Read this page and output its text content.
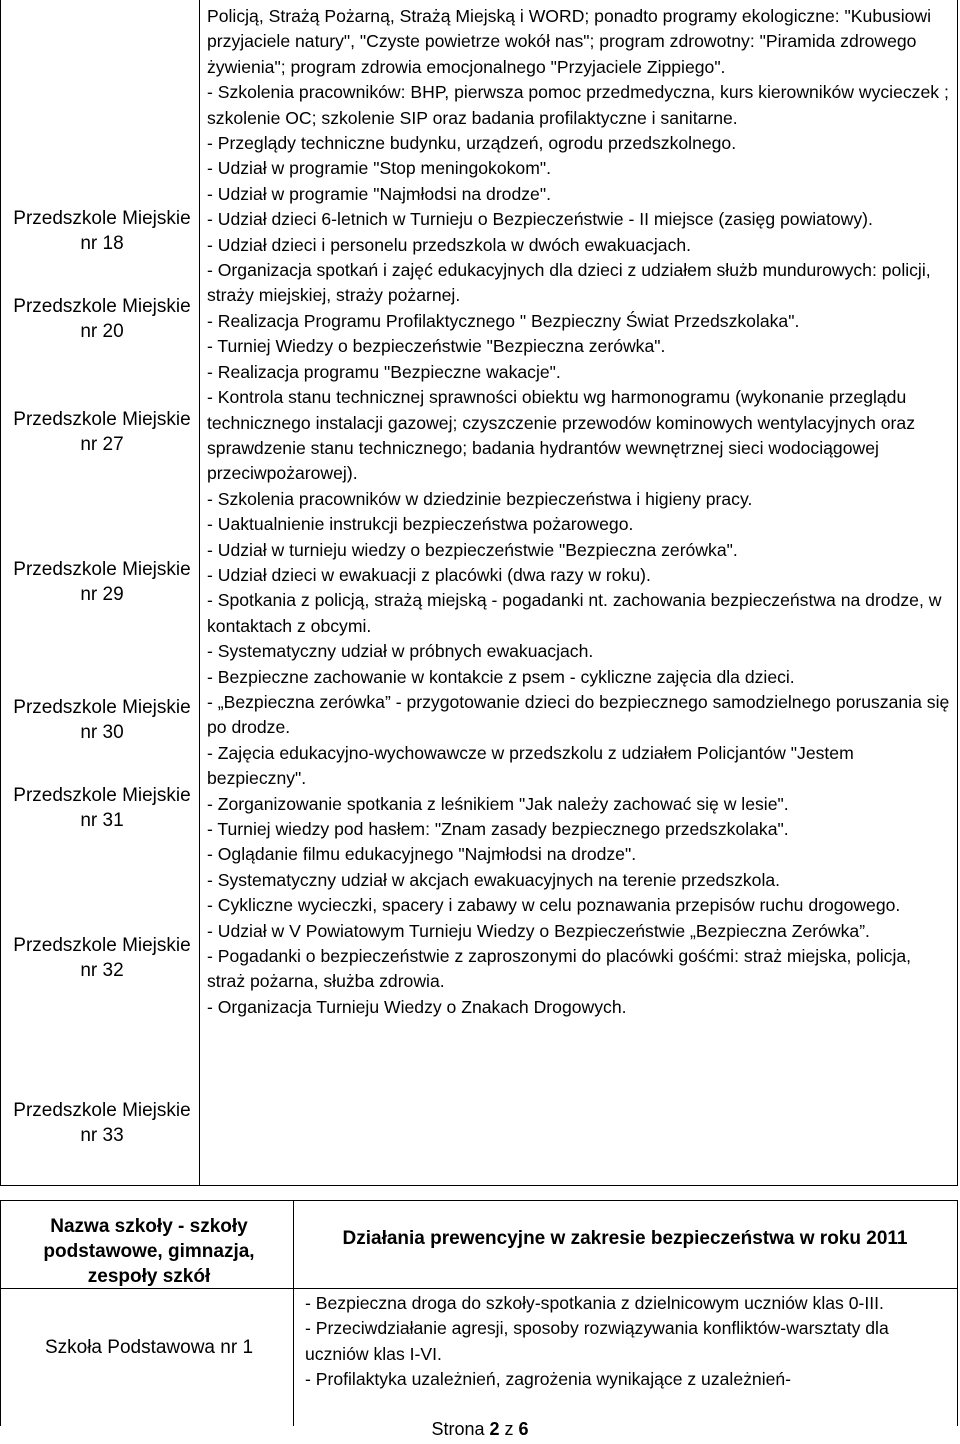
Przedszkole Miejskie nr 18
Przedszkole Miejskie nr 20
Przedszkole Miejskie nr 27
Przedszkole Miejskie nr 29
Przedszkole Miejskie nr 30
Przedszkole Miejskie nr 31
Przedszkole Miejskie nr 32
Przedszkole Miejskie nr 33

Policją, Strażą Pożarną, Strażą Miejską i WORD; ponadto programy ekologiczne: "Kubusiowi przyjaciele natury", "Czyste powietrze wokół nas"; program zdrowotny: "Piramida zdrowego żywienia"; program zdrowia emocjonalnego "Przyjaciele Zippiego".

- Szkolenia pracowników: BHP, pierwsza pomoc przedmedyczna, kurs kierowników wycieczek ; szkolenie OC; szkolenie SIP oraz badania profilaktyczne i sanitarne.

- Przeglądy techniczne budynku, urządzeń, ogrodu przedszkolnego.

- Udział w programie "Stop meningokokom".

- Udział w programie "Najmłodsi na drodze".

- Udział dzieci 6-letnich w Turnieju o Bezpieczeństwie - II miejsce (zasięg powiatowy).

- Udział dzieci i personelu przedszkola w dwóch ewakuacjach.

- Organizacja spotkań i zajęć edukacyjnych dla dzieci z udziałem służb mundurowych: policji, straży miejskiej, straży pożarnej.

- Realizacja Programu Profilaktycznego " Bezpieczny Świat Przedszkolaka".

- Turniej Wiedzy o bezpieczeństwie "Bezpieczna zerówka".

- Realizacja programu "Bezpieczne wakacje".

- Kontrola stanu technicznej sprawności obiektu wg harmonogramu (wykonanie przeglądu technicznego instalacji gazowej; czyszczenie przewodów kominowych wentylacyjnych oraz sprawdzenie stanu technicznego; badania hydrantów wewnętrznej sieci wodociągowej przeciwpożarowej).

- Szkolenia pracowników w dziedzinie bezpieczeństwa i higieny pracy.

- Uaktualnienie instrukcji bezpieczeństwa pożarowego.

- Udział w turnieju wiedzy o bezpieczeństwie "Bezpieczna zerówka".

- Udział dzieci w ewakuacji z placówki (dwa razy w roku).

- Spotkania z policją, strażą miejską - pogadanki nt. zachowania bezpieczeństwa na drodze, w kontaktach z obcymi.

- Systematyczny udział w próbnych ewakuacjach.

- Bezpieczne zachowanie w kontakcie z psem - cykliczne zajęcia dla dzieci.

- „Bezpieczna zerówka” - przygotowanie dzieci do bezpiecznego samodzielnego poruszania się po drodze.

- Zajęcia edukacyjno-wychowawcze w przedszkolu z udziałem Policjantów "Jestem bezpieczny".

- Zorganizowanie spotkania z leśnikiem "Jak należy zachować się w lesie".

- Turniej wiedzy pod hasłem: "Znam zasady bezpiecznego przedszkolaka".

- Oglądanie filmu edukacyjnego "Najmłodsi na drodze".

- Systematyczny udział w akcjach ewakuacyjnych na terenie przedszkola.

- Cykliczne wycieczki, spacery i zabawy w celu poznawania przepisów ruchu drogowego.

- Udział w V Powiatowym Turnieju Wiedzy o Bezpieczeństwie „Bezpieczna Zerówka”.

- Pogadanki o bezpieczeństwie z zaproszonymi do placówki gośćmi: straż miejska, policja, straż pożarna, służba zdrowia.

- Organizacja Turnieju Wiedzy o Znakach Drogowych.

Nazwa szkoły - szkoły podstawowe, gimnazja, zespoły szkół
Działania prewencyjne w zakresie bezpieczeństwa w roku 2011
Szkoła Podstawowa nr 1

- Bezpieczna droga do szkoły-spotkania z dzielnicowym uczniów klas 0-III.

- Przeciwdziałanie agresji, sposoby rozwiązywania konfliktów-warsztaty dla uczniów klas I-VI.

- Profilaktyka uzależnień, zagrożenia wynikające z uzależnień-

Strona 2 z 6
